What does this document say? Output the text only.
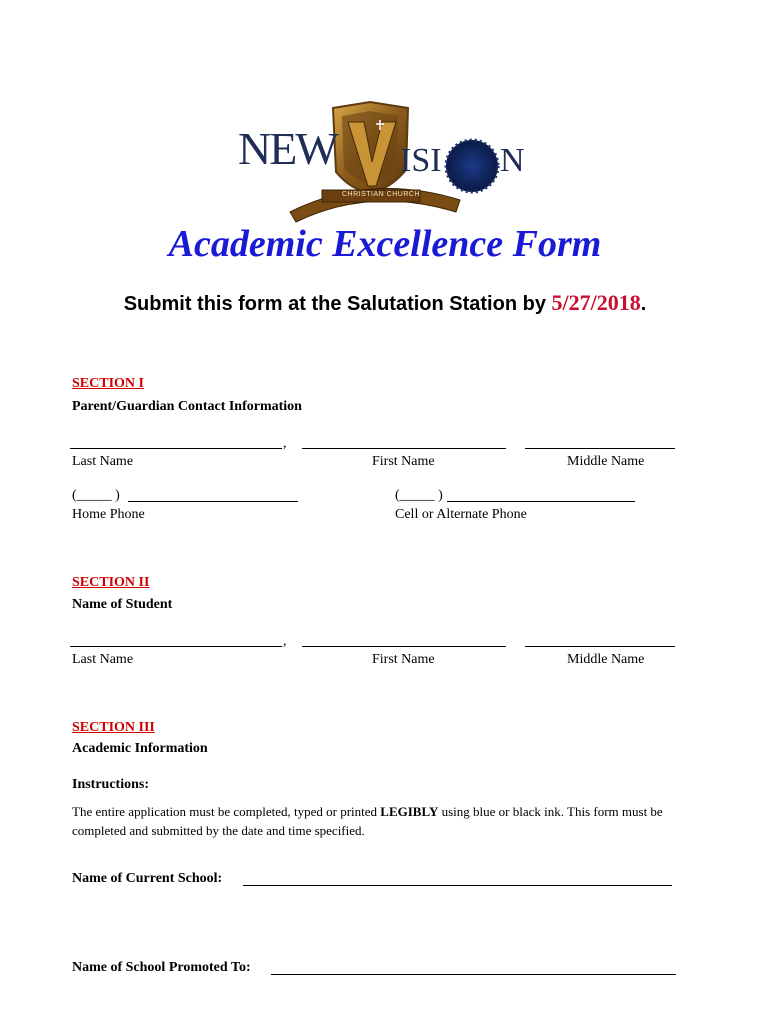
NEW ISI N
CHRISTIAN CHURCH
Academic Excellence Form
Submit this form at the Salutation Station by 5/27/2018.
SECTION I
Parent/Guardian Contact Information
,
Last Name	First Name	Middle Name
(_____ )	(_____ )
Home Phone	Cell or Alternate Phone
SECTION II
Name of Student
,
Last Name	First Name	Middle Name
SECTION III
Academic Information
Instructions:
The entire application must be completed, typed or printed LEGIBLY using blue or black ink. This form must be completed and submitted by the date and time specified.
Name of Current School:
Name of School Promoted To:
